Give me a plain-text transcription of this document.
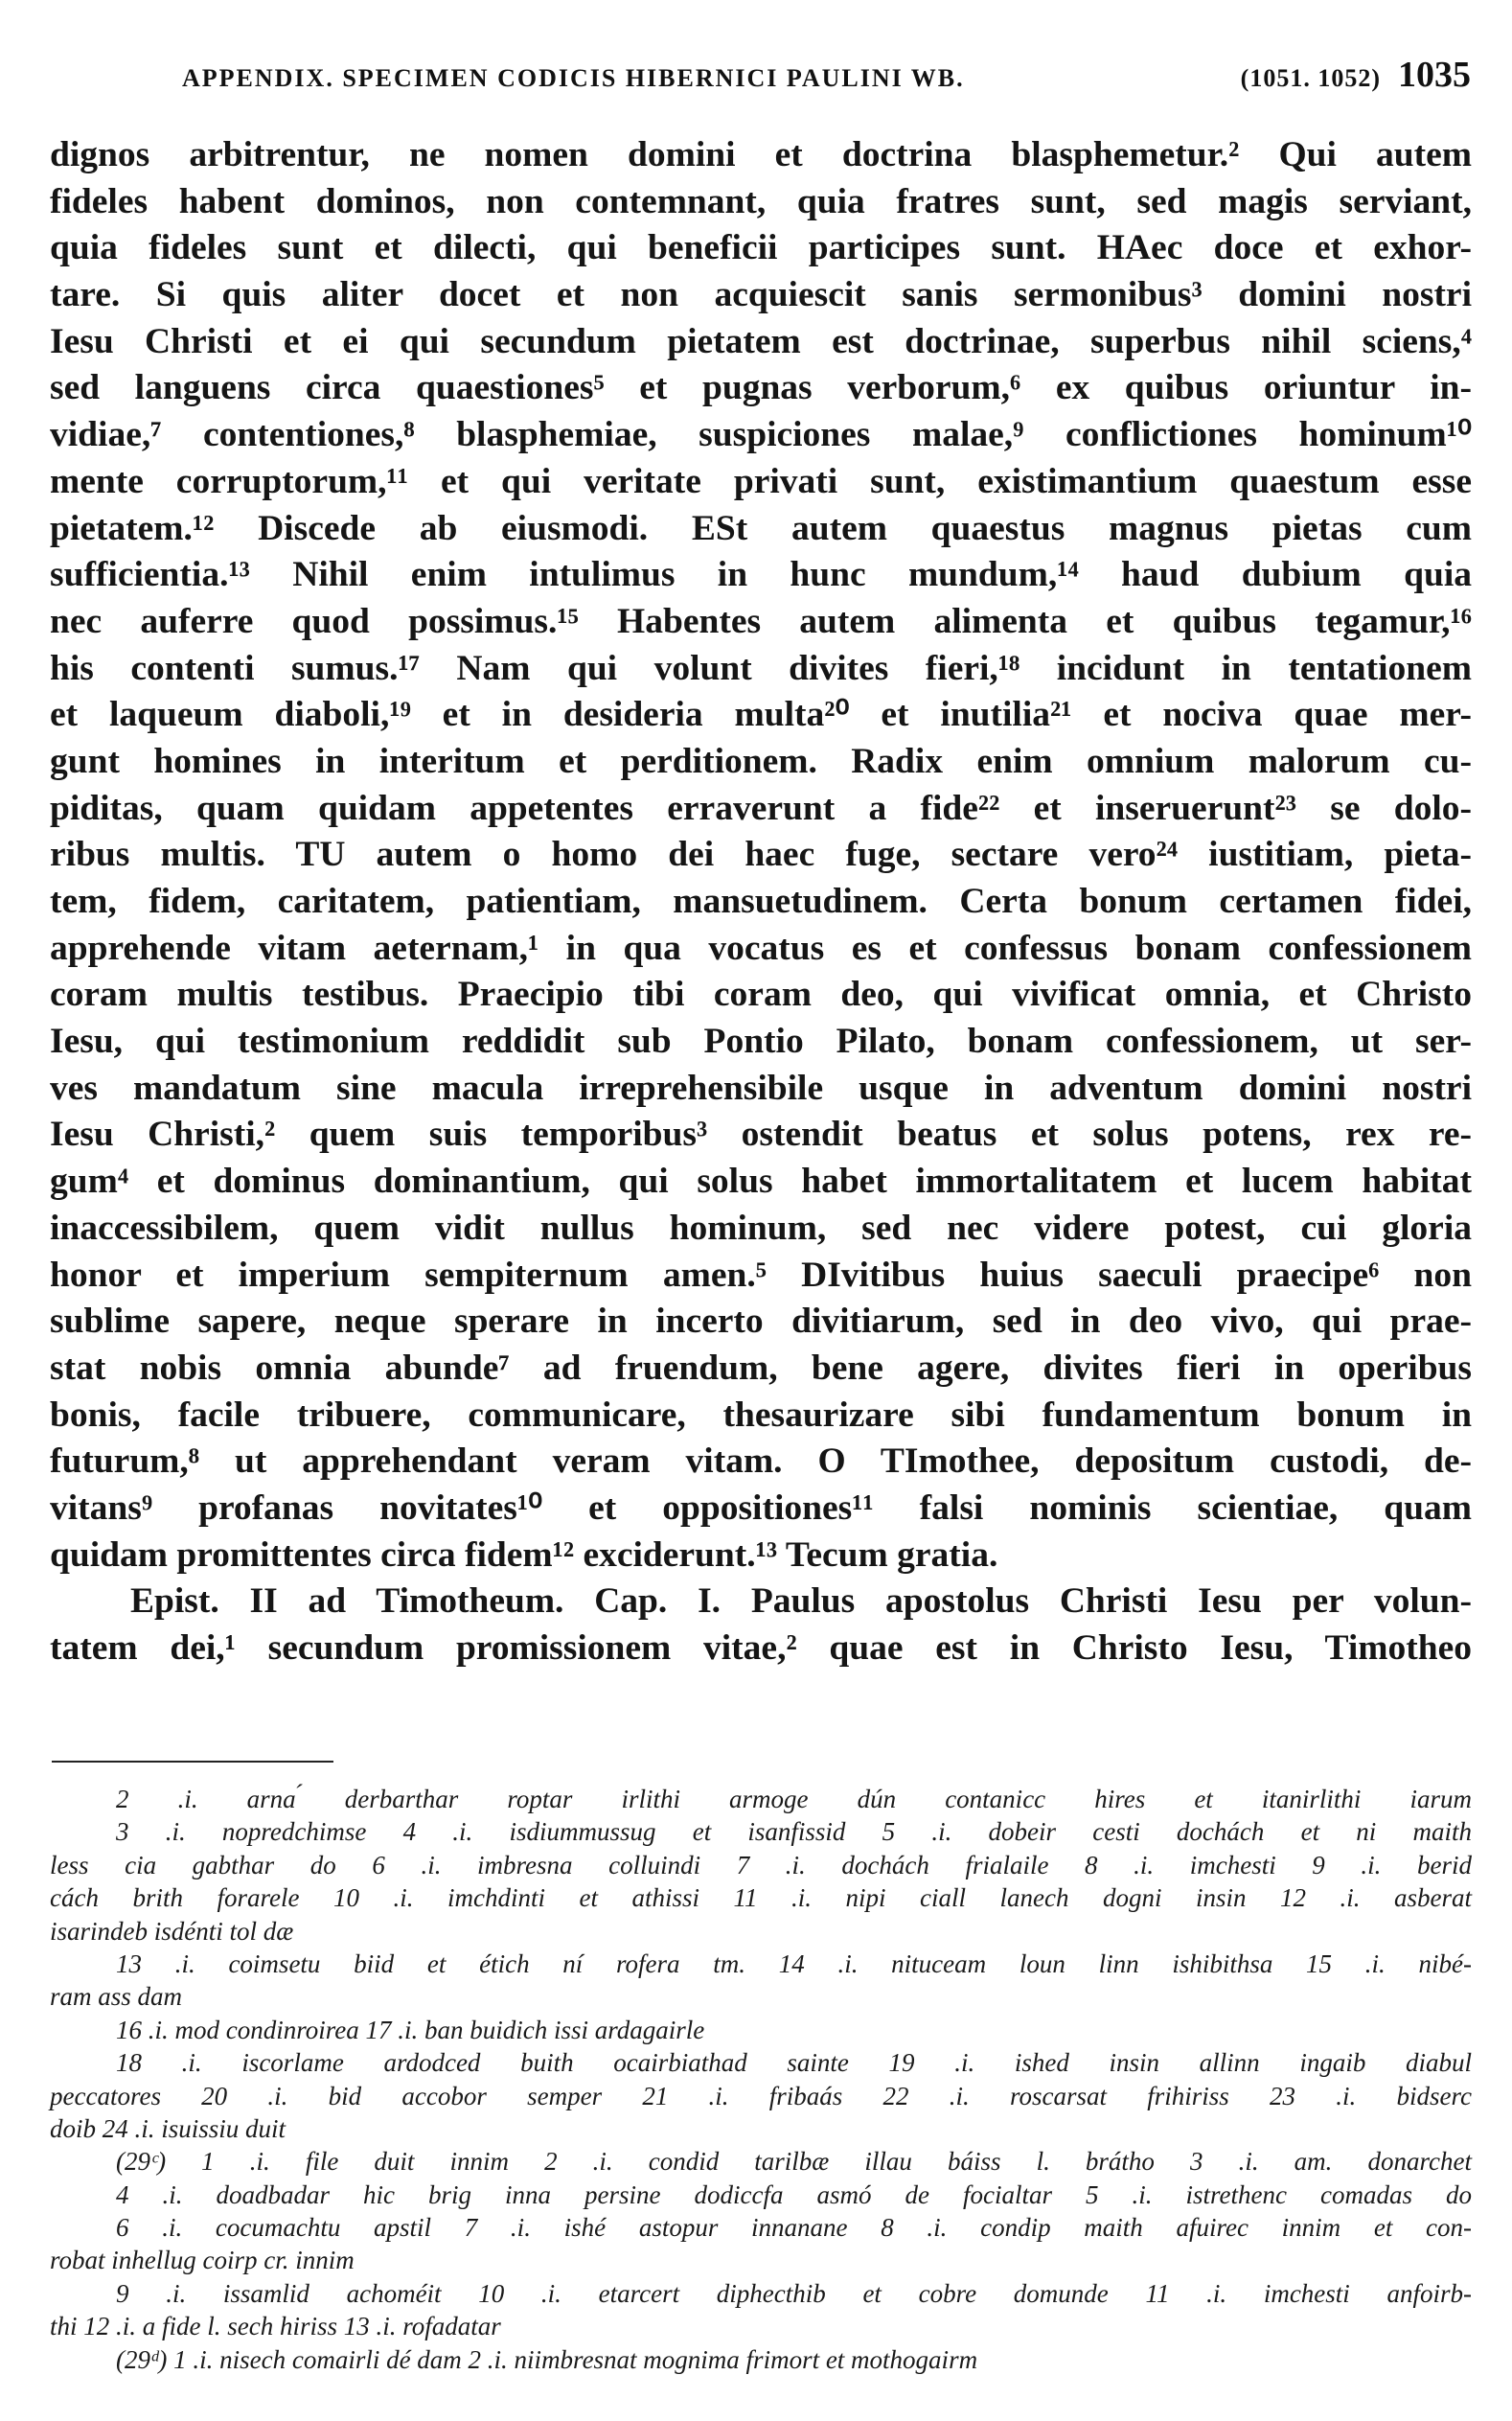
APPENDIX. SPECIMEN CODICIS HIBERNICI PAULINI WB.	(1051. 1052) 1035
dignos arbitrentur, ne nomen domini et doctrina blasphemetur.² Qui autem
fideles habent dominos, non contemnant, quia fratres sunt, sed magis serviant,
quia fideles sunt et dilecti, qui beneficii participes sunt. HAec doce et exhor-
tare. Si quis aliter docet et non acquiescit sanis sermonibus³ domini nostri
Iesu Christi et ei qui secundum pietatem est doctrinae, superbus nihil sciens,⁴
sed languens circa quaestiones⁵ et pugnas verborum,⁶ ex quibus oriuntur in-
vidiae,⁷ contentiones,⁸ blasphemiae, suspiciones malae,⁹ conflictiones hominum¹⁰
mente corruptorum,¹¹ et qui veritate privati sunt, existimantium quaestum esse
pietatem.¹² Discede ab eiusmodi. ESt autem quaestus magnus pietas cum
sufficientia.¹³ Nihil enim intulimus in hunc mundum,¹⁴ haud dubium quia
nec auferre quod possimus.¹⁵ Habentes autem alimenta et quibus tegamur,¹⁶
his contenti sumus.¹⁷ Nam qui volunt divites fieri,¹⁸ incidunt in tentationem
et laqueum diaboli,¹⁹ et in desideria multa²⁰ et inutilia²¹ et nociva quae mer-
gunt homines in interitum et perditionem. Radix enim omnium malorum cu-
piditas, quam quidam appetentes erraverunt a fide²² et inseruerunt²³ se dolo-
ribus multis. TU autem o homo dei haec fuge, sectare vero²⁴ iustitiam, pieta-
tem, fidem, caritatem, patientiam, mansuetudinem. Certa bonum certamen fidei,
apprehende vitam aeternam,¹ in qua vocatus es et confessus bonam confessionem
coram multis testibus. Praecipio tibi coram deo, qui vivificat omnia, et Christo
Iesu, qui testimonium reddidit sub Pontio Pilato, bonam confessionem, ut ser-
ves mandatum sine macula irreprehensibile usque in adventum domini nostri
Iesu Christi,² quem suis temporibus³ ostendit beatus et solus potens, rex re-
gum⁴ et dominus dominantium, qui solus habet immortalitatem et lucem habitat
inaccessibilem, quem vidit nullus hominum, sed nec videre potest, cui gloria
honor et imperium sempiternum amen.⁵ DIvitibus huius saeculi praecipe⁶ non
sublime sapere, neque sperare in incerto divitiarum, sed in deo vivo, qui prae-
stat nobis omnia abunde⁷ ad fruendum, bene agere, divites fieri in operibus
bonis, facile tribuere, communicare, thesaurizare sibi fundamentum bonum in
futurum,⁸ ut apprehendant veram vitam. O TImothee, depositum custodi, de-
vitans⁹ profanas novitates¹⁰ et oppositiones¹¹ falsi nominis scientiae, quam
quidam promittentes circa fidem¹² exciderunt.¹³ Tecum gratia.
Epist. II ad Timotheum. Cap. I. Paulus apostolus Christi Iesu per volun-
tatem dei,¹ secundum promissionem vitae,² quae est in Christo Iesu, Timotheo
2 .i. arna ́derbarthar roptar irlithi armoge dún contanicc hires et itanirlithi iarum
3 .i. nopredchimse 4 .i. isdiummussug et isanfissid 5 .i. dobeir cesti dochách et ni maith
less cia gabthar do 6 .i. imbresna colluindi 7 .i. dochách frialaile 8 .i. imchesti 9 .i. berid
cách brith forarele 10 .i. imchdinti et athissi 11 .i. nipi ciall lanech dogni insin 12 .i. asberat
isarindeb isdénti tol dæ
13 .i. coimsetu biid et étich ní rofera tm. 14 .i. nituceam loun linn ishibithsa 15 .i. nibé-
ram ass dam
16 .i. mod condinroirea 17 .i. ban buidich issi ardagairle
18 .i. iscorlame ardodced buith ocairbiathad sainte 19 .i. ished insin allinn ingaib diabul
peccatores 20 .i. bid accobor semper 21 .i. fribaás 22 .i. roscarsat frihiriss 23 .i. bidserc
doib 24 .i. isuissiu duit
(29ᶜ) 1 .i. file duit innim 2 .i. condid tarilbæ illau báiss l. brátho 3 .i. am. donarchet
4 .i. doadbadar hic brig inna persine dodiccfa asmó de focialtar 5 .i. istrethenc comadas do
6 .i. cocumachtu apstil 7 .i. ishé astopur innanane 8 .i. condip maith afuirec innim et con-
robat inhellug coirp cr. innim
9 .i. issamlid achoméit 10 .i. etarcert diphecthib et cobre domunde 11 .i. imchesti anfoirb-
thi 12 .i. a fide l. sech hiriss 13 .i. rofadatar
(29ᵈ) 1 .i. nisech comairli dé dam 2 .i. niimbresnat mognima frimort et mothogairm
